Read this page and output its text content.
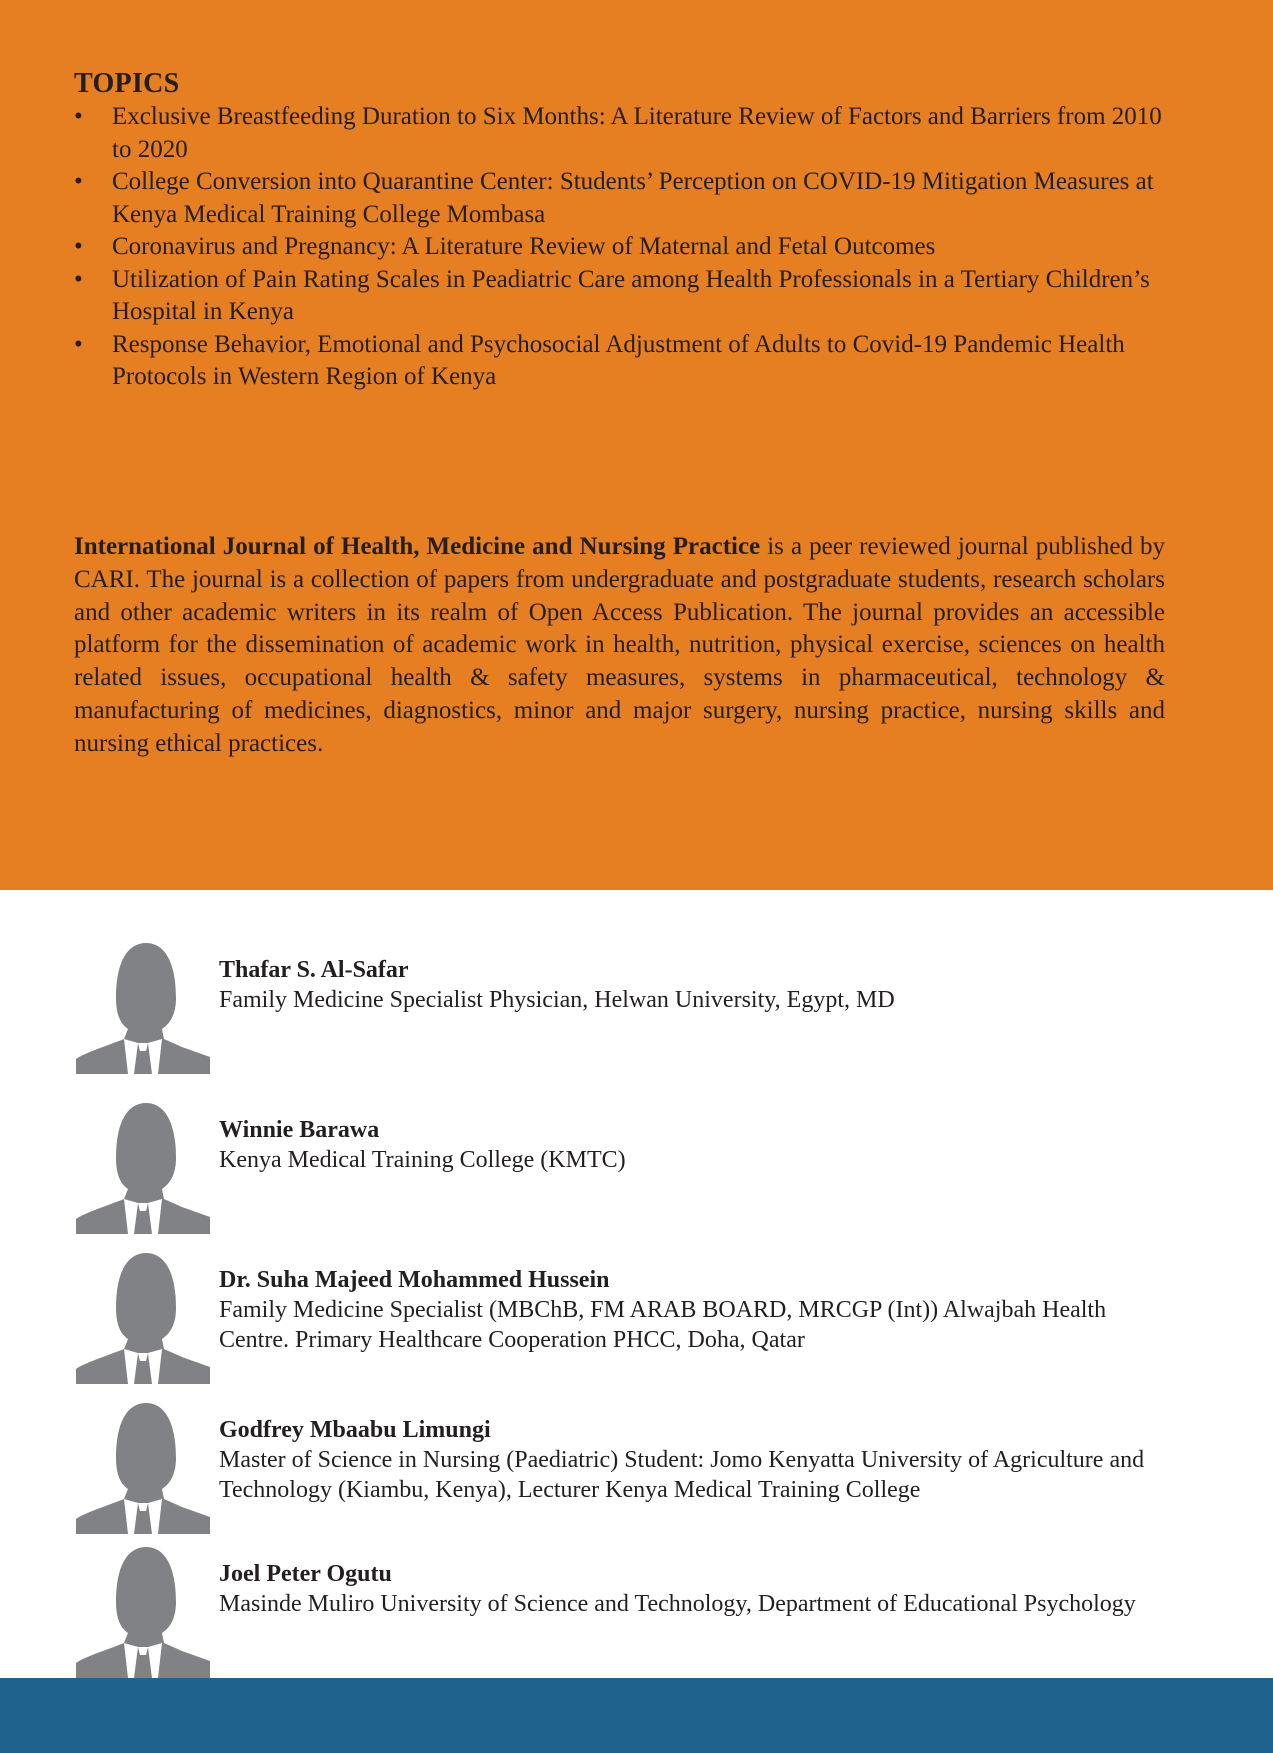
TOPICS
• Exclusive Breastfeeding Duration to Six Months: A Literature Review of Factors and Barriers from 2010 to 2020
• College Conversion into Quarantine Center: Students’ Perception on COVID-19 Mitigation Measures at Kenya Medical Training College Mombasa
• Coronavirus and Pregnancy: A Literature Review of Maternal and Fetal Outcomes
• Utilization of Pain Rating Scales in Peadiatric Care among Health Professionals in a Tertiary Children’s Hospital in Kenya
• Response Behavior, Emotional and Psychosocial Adjustment of Adults to Covid-19 Pandemic Health Protocols in Western Region of Kenya

International Journal of Health, Medicine and Nursing Practice is a peer reviewed journal published by CARI. The journal is a collection of papers from undergraduate and postgraduate students, research scholars and other academic writers in its realm of Open Access Publication. The journal provides an accessible platform for the dissemination of academic work in health, nutrition, physical exercise, sciences on health related issues, occupational health & safety measures, systems in pharmaceutical, technology & manufacturing of medicines, diagnostics, minor and major surgery, nursing practice, nursing skills and nursing ethical practices.

Thafar S. Al-Safar
Family Medicine Specialist Physician, Helwan University, Egypt, MD
Winnie Barawa
Kenya Medical Training College (KMTC)
Dr. Suha Majeed Mohammed Hussein
Family Medicine Specialist (MBChB, FM ARAB BOARD, MRCGP (Int)) Alwajbah Health Centre. Primary Healthcare Cooperation PHCC, Doha, Qatar
Godfrey Mbaabu Limungi
Master of Science in Nursing (Paediatric) Student: Jomo Kenyatta University of Agriculture and Technology (Kiambu, Kenya), Lecturer Kenya Medical Training College
Joel Peter Ogutu
Masinde Muliro University of Science and Technology, Department of Educational Psychology
